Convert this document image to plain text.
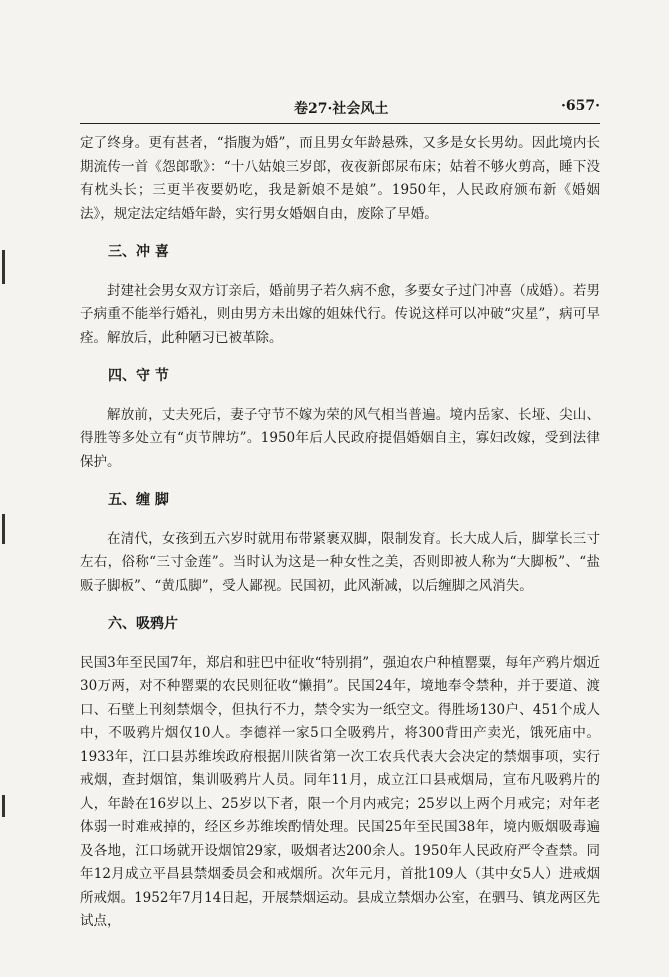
卷27·社会风土	·657·

定了终身。更有甚者，“指腹为婚”，而且男女年龄悬殊，又多是女长男幼。因此境内长期流传一首《怨郎歌》：“十八姑娘三岁郎，夜夜新郎尿布床；姑着不够火剪高，睡下没有枕头长；三更半夜要奶吃，我是新娘不是娘”。1950年，人民政府颁布新《婚姻法》，规定法定结婚年龄，实行男女婚姻自由，废除了早婚。

三、冲 喜

封建社会男女双方订亲后，婚前男子若久病不愈，多要女子过门冲喜（成婚）。若男子病重不能举行婚礼，则由男方未出嫁的姐妹代行。传说这样可以冲破“灾星”，病可早痊。解放后，此种陋习已被革除。

四、守 节

解放前，丈夫死后，妻子守节不嫁为荣的风气相当普遍。境内岳家、长垭、尖山、得胜等多处立有“贞节牌坊”。1950年后人民政府提倡婚姻自主，寡妇改嫁，受到法律保护。

五、缠 脚

在清代，女孩到五六岁时就用布带紧裹双脚，限制发育。长大成人后，脚掌长三寸左右，俗称“三寸金莲”。当时认为这是一种女性之美，否则即被人称为“大脚板”、“盐贩子脚板”、“黄瓜脚”，受人鄙视。民国初，此风渐减，以后缠脚之风消失。

六、吸鸦片

民国3年至民国7年，郑启和驻巴中征收“特别捐”，强迫农户种植罂粟，每年产鸦片烟近30万两，对不种罂粟的农民则征收“懒捐”。民国24年，境地奉令禁种，并于要道、渡口、石壁上刊刻禁烟令，但执行不力，禁令实为一纸空文。得胜场130户、451个成人中，不吸鸦片烟仅10人。李德祥一家5口全吸鸦片，将300背田产卖光，饿死庙中。1933年，江口县苏维埃政府根据川陕省第一次工农兵代表大会决定的禁烟事项，实行戒烟，查封烟馆，集训吸鸦片人员。同年11月，成立江口县戒烟局，宣布凡吸鸦片的人，年龄在16岁以上、25岁以下者，限一个月内戒完；25岁以上两个月戒完；对年老体弱一时难戒掉的，经区乡苏维埃酌情处理。民国25年至民国38年，境内贩烟吸毒遍及各地，江口场就开设烟馆29家，吸烟者达200余人。1950年人民政府严令查禁。同年12月成立平昌县禁烟委员会和戒烟所。次年元月，首批109人（其中女5人）进戒烟所戒烟。1952年7月14日起，开展禁烟运动。县成立禁烟办公室，在驷马、镇龙两区先试点，
